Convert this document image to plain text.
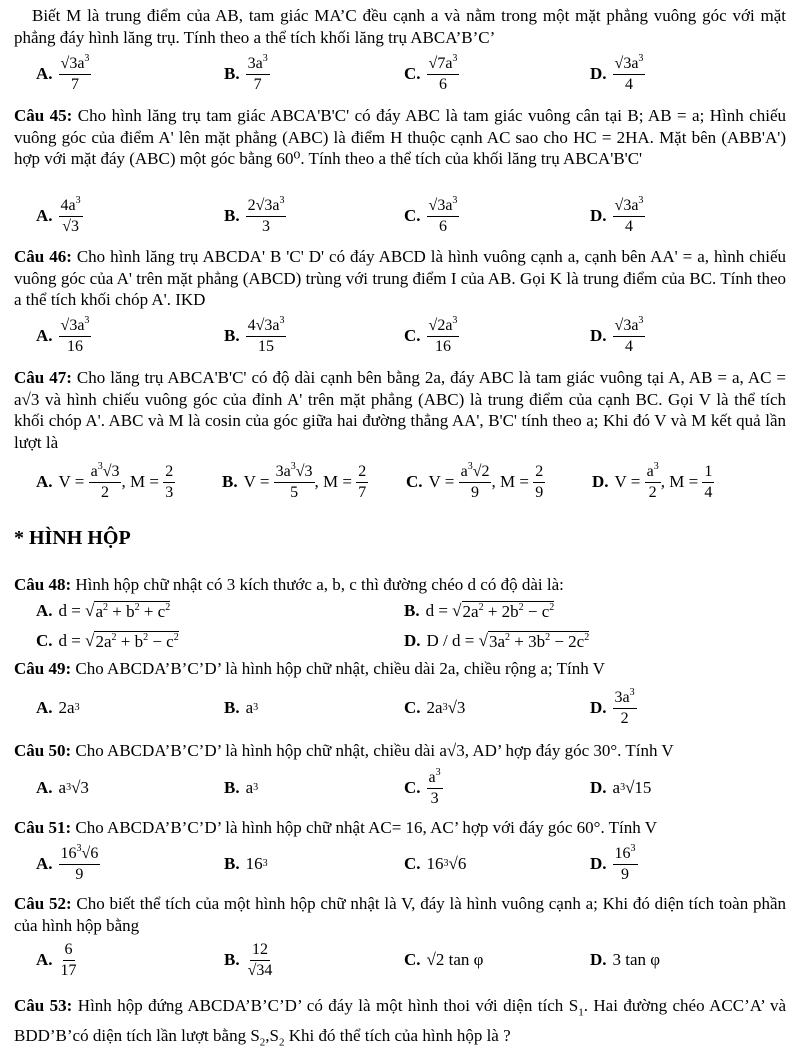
Biết M là trung điểm của AB, tam giác MA’C đều cạnh a và nằm trong một mặt phẳng vuông góc với mặt phẳng đáy hình lăng trụ. Tính theo a thể tích khối lăng trụ ABCA’B’C’

A. $\frac{√3a^3}{7}$	B. $\frac{3a^3}{7}$	C. $\frac{√7a^3}{6}$	D. $\frac{√3a^3}{4}$

Câu 45: Cho hình lăng trụ tam giác ABCA'B'C' có đáy ABC là tam giác vuông cân tại B; AB = a; Hình chiếu vuông góc của điểm A' lên mặt phẳng (ABC) là điểm H thuộc cạnh AC sao cho HC = 2HA. Mặt bên (ABB'A') hợp với mặt đáy (ABC) một góc bằng 60⁰. Tính theo a thể tích của khối lăng trụ ABCA'B'C'

A. $\frac{4a^3}{√3}$	B. $\frac{2√3a^3}{3}$	C. $\frac{√3a^3}{6}$	D. $\frac{√3a^3}{4}$

Câu 46: Cho hình lăng trụ ABCDA' B 'C' D' có đáy ABCD là hình vuông cạnh a, cạnh bên AA' = a, hình chiếu vuông góc của A' trên mặt phẳng (ABCD) trùng với trung điểm I của AB. Gọi K là trung điểm của BC. Tính theo a thể tích khối chóp A'. IKD

A. $\frac{√3a^3}{16}$	B. $\frac{4√3a^3}{15}$	C. $\frac{√2a^3}{16}$	D. $\frac{√3a^3}{4}$

Câu 47: Cho lăng trụ ABCA'B'C' có độ dài cạnh bên bằng 2a, đáy ABC là tam giác vuông tại A, AB = a, AC = a√3 và hình chiếu vuông góc của đỉnh A' trên mặt phẳng (ABC) là trung điểm của cạnh BC. Gọi V là thể tích khối chóp A'. ABC và M là cosin của góc giữa hai đường thẳng AA', B'C' tính theo a; Khi đó V và M kết quả lần lượt là

A. $V = \frac{a^3√3}{2}$ , $M = \frac{2}{3}$	B. $V = \frac{3a^3√3}{5}$ , $M = \frac{2}{7} C$. $V = \frac{a^3√2}{9}$ , $M = \frac{2}{9}$	D. $V = \frac{a^3}{2}$ , $M = \frac{1}{4}$
* HÌNH HỘP

Câu 48: Hình hộp chữ nhật có 3 kích thước a, b, c thì đường chéo d có độ dài là:

A. d = √ $a^2 + b^2 + c^2$	B. d = √ $2a^2 + 2b^2 - c^2$
C. d = √ $2a^2 + b^2 - c^2$	D. D / d = √ $3a^2 + 3b^2 - 2c^2$

Câu 49: Cho ABCDA’B’C’D’ là hình hộp chữ nhật, chiều dài 2a, chiều rộng a; Tính V

A. 2a 3	B. a 3	C. 2a 3 √3	D. $\frac{3a^3}{2}$

Câu 50: Cho ABCDA’B’C’D’ là hình hộp chữ nhật, chiều dài a√3, AD’ hợp đáy góc 30°. Tính V

A. a 3 √3	B. a 3	C. $\frac{a^3}{3}$	D. a 3 √15

Câu 51: Cho ABCDA’B’C’D’ là hình hộp chữ nhật AC= 16, AC’ hợp với đáy góc 60°. Tính V

A. $\frac{16^3√6}{9}$	B. 16 3	C. 16 3 √6	D. $\frac{16^3}{9}$

Câu 52: Cho biết thể tích của một hình hộp chữ nhật là V, đáy là hình vuông cạnh a; Khi đó diện tích toàn phần của hình hộp bằng

A. $\frac{6}{17}$	B. $\frac{12}{√34}$	C. √2 tan φ	D. 3 tan φ

Câu 53: Hình hộp đứng ABCDA’B’C’D’ có đáy là một hình thoi với diện tích $S_1$. Hai đường chéo ACC’A’ và BDD’B’có diện tích lần lượt bằng $S_2,S_2$ Khi đó thể tích của hình hộp là ?
